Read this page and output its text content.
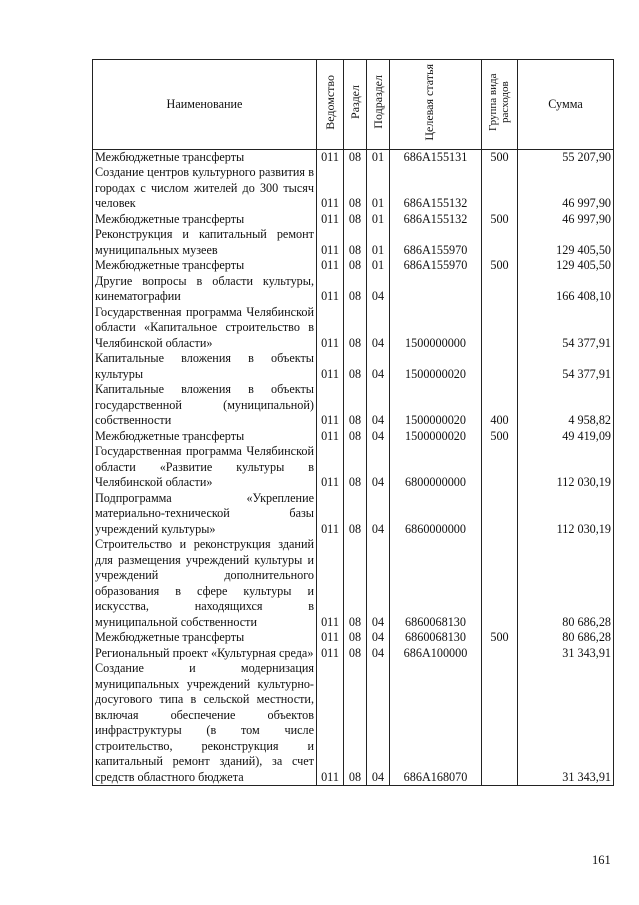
Наименование	Ведомство	Раздел	Подраздел	Целевая статья	Группа вида расходов	Сумма
Межбюджетные трансферты	011	08	01	686A155131	500	55 207,90
Создание центров культурного развития в городах с числом жителей до 300 тысяч человек	011	08	01	686A155132		46 997,90
Межбюджетные трансферты	011	08	01	686A155132	500	46 997,90
Реконструкция и капитальный ремонт муниципальных музеев	011	08	01	686A155970		129 405,50
Межбюджетные трансферты	011	08	01	686A155970	500	129 405,50
Другие вопросы в области культуры, кинематографии	011	08	04			166 408,10
Государственная программа Челябинской области «Капитальное строительство в Челябинской области»	011	08	04	1500000000		54 377,91
Капитальные вложения в объекты культуры	011	08	04	1500000020		54 377,91
Капитальные вложения в объекты государственной (муниципальной) собственности	011	08	04	1500000020	400	4 958,82
Межбюджетные трансферты	011	08	04	1500000020	500	49 419,09
Государственная программа Челябинской области «Развитие культуры в Челябинской области»	011	08	04	6800000000		112 030,19
Подпрограмма «Укрепление материально-технической базы учреждений культуры»	011	08	04	6860000000		112 030,19
Строительство и реконструкция зданий для размещения учреждений культуры и учреждений дополнительного образования в сфере культуры и искусства, находящихся в муниципальной собственности	011	08	04	6860068130		80 686,28
Межбюджетные трансферты	011	08	04	6860068130	500	80 686,28
Региональный проект «Культурная среда»	011	08	04	686A100000		31 343,91
Создание и модернизация муниципальных учреждений культурно-досугового типа в сельской местности, включая обеспечение объектов инфраструктуры (в том числе строительство, реконструкция и капитальный ремонт зданий), за счет средств областного бюджета	011	08	04	686A168070		31 343,91
161
